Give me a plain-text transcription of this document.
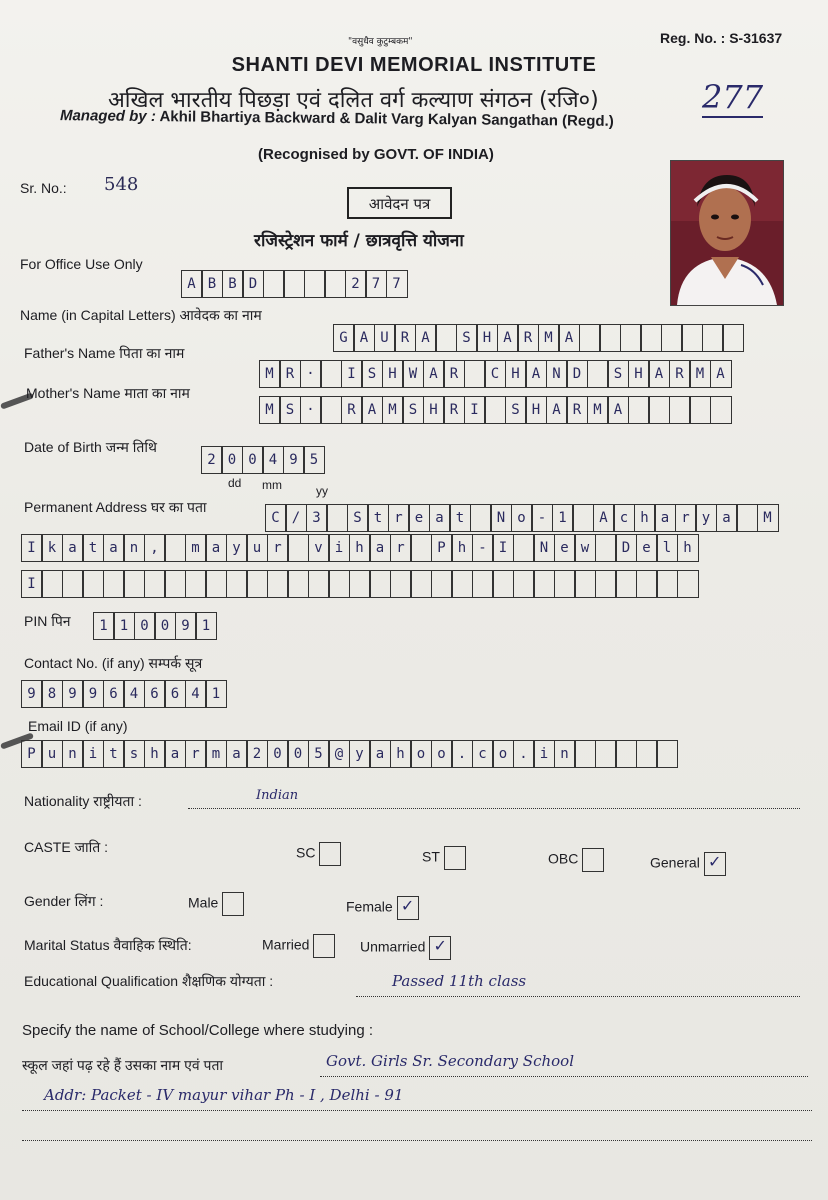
"वसुधैव कुटुम्बकम"	Reg. No. : S-31637
SHANTI DEVI MEMORIAL INSTITUTE
अखिल भारतीय पिछड़ा एवं दलित वर्ग कल्याण संगठन (रजि०)	277
Managed by : Akhil Bhartiya Backward & Dalit Varg Kalyan Sangathan (Regd.)
(Recognised by GOVT. OF INDIA)
Sr. No.: 548
आवेदन पत्र
रजिस्ट्रेशन फार्म / छात्रवृत्ति योजना
For Office Use Only
A B B D	2 7 7
Name (in Capital Letters) आवेदक का नाम
G A U R A	S H A R M A
Father's Name पिता का नाम
M R ·	I S H W A R	C H A N D	S H A R M A
Mother's Name माता का नाम
M S ·	R A M S H R I	S H A R M A
Date of Birth जन्म तिथि
2 0 0 4 9 5
dd mm	yy
Permanent Address घर का पता
C / 3	S t r e a t	N o - 1	A c h a r y a	M
I k a t a n ,	m a y u r	v i h a r	P h - I	N e w	D e l h
I
PIN पिन	1 1 0 0 9 1
Contact No. (if any) सम्पर्क सूत्र
9 8 9 9 6 4 6 6 4 1
Email ID (if any)
P u n i t s h a r m a 2 0 0 5 @ y a h o o . c o . i n
Nationality राष्ट्रीयता :	Indian
CASTE जाति :	SC	ST	OBC	General ✓
Gender लिंग :	Male	Female ✓
Marital Status वैवाहिक स्थिति:	Married	Unmarried ✓
Educational Qualification शैक्षणिक योग्यता :	Passed 11th class
Specify the name of School/College where studying :
स्कूल जहां पढ़ रहे हैं उसका नाम एवं पता	Govt. Girls Sr. Secondary School
Addr: Packet - IV mayur vihar Ph - I , Delhi - 91
